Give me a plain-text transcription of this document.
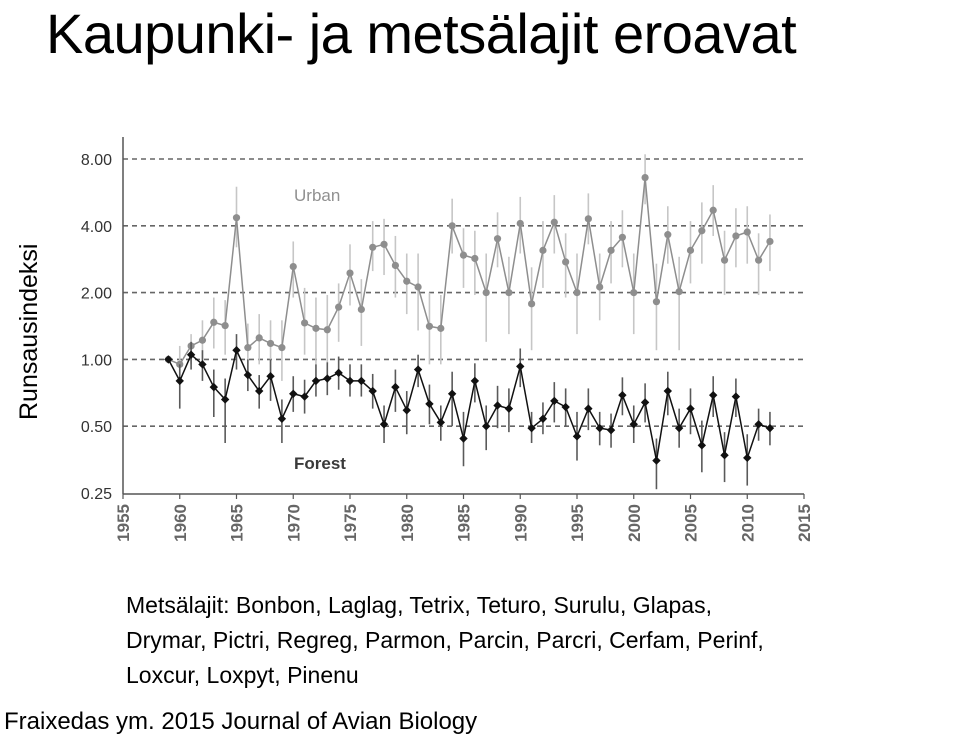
Kaupunki- ja metsälajit eroavat
Runsausindeksi
8.00
4.00
2.00
1.00
0.50
0.25
1955 1960 1965 1970 1975 1980 1985 1990 1995 2000 2005 2010 2015
Urban
Forest
Metsälajit: Bonbon, Laglag, Tetrix, Teturo, Surulu, Glapas,
Drymar, Pictri, Regreg, Parmon, Parcin, Parcri, Cerfam, Perinf,
Loxcur, Loxpyt, Pinenu
Fraixedas ym. 2015 Journal of Avian Biology
